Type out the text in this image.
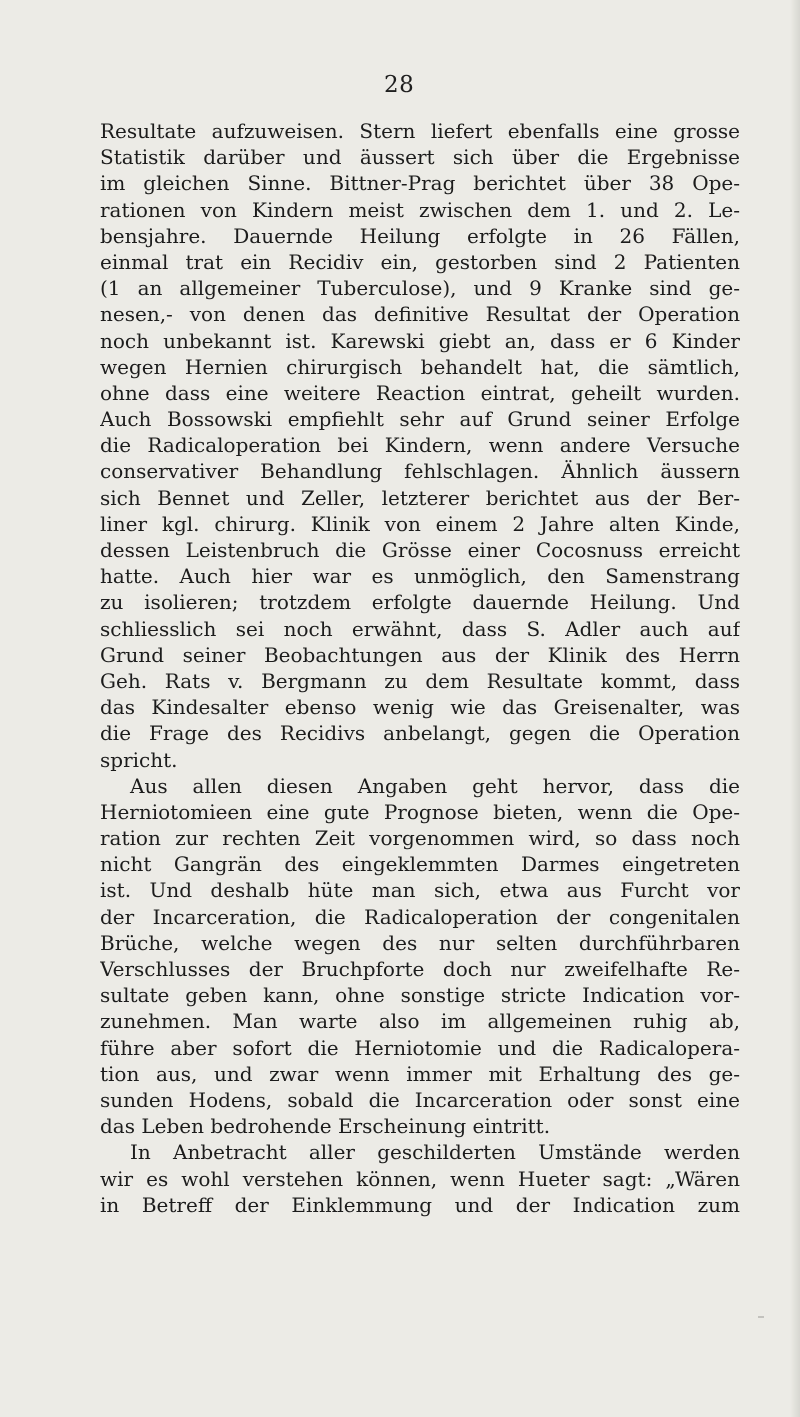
28
Resultate aufzuweisen. Stern liefert ebenfalls eine grosse
Statistik darüber und äussert sich über die Ergebnisse
im gleichen Sinne. Bittner-Prag berichtet über 38 Ope-
rationen von Kindern meist zwischen dem 1. und 2. Le-
bensjahre. Dauernde Heilung erfolgte in 26 Fällen,
einmal trat ein Recidiv ein, gestorben sind 2 Patienten
(1 an allgemeiner Tuberculose), und 9 Kranke sind ge-
nesen,- von denen das definitive Resultat der Operation
noch unbekannt ist. Karewski giebt an, dass er 6 Kinder
wegen Hernien chirurgisch behandelt hat, die sämtlich,
ohne dass eine weitere Reaction eintrat, geheilt wurden.
Auch Bossowski empfiehlt sehr auf Grund seiner Erfolge
die Radicaloperation bei Kindern, wenn andere Versuche
conservativer Behandlung fehlschlagen. Ähnlich äussern
sich Bennet und Zeller, letzterer berichtet aus der Ber-
liner kgl. chirurg. Klinik von einem 2 Jahre alten Kinde,
dessen Leistenbruch die Grösse einer Cocosnuss erreicht
hatte. Auch hier war es unmöglich, den Samenstrang
zu isolieren; trotzdem erfolgte dauernde Heilung. Und
schliesslich sei noch erwähnt, dass S. Adler auch auf
Grund seiner Beobachtungen aus der Klinik des Herrn
Geh. Rats v. Bergmann zu dem Resultate kommt, dass
das Kindesalter ebenso wenig wie das Greisenalter, was
die Frage des Recidivs anbelangt, gegen die Operation
spricht.
Aus allen diesen Angaben geht hervor, dass die
Herniotomieen eine gute Prognose bieten, wenn die Ope-
ration zur rechten Zeit vorgenommen wird, so dass noch
nicht Gangrän des eingeklemmten Darmes eingetreten
ist. Und deshalb hüte man sich, etwa aus Furcht vor
der Incarceration, die Radicaloperation der congenitalen
Brüche, welche wegen des nur selten durchführbaren
Verschlusses der Bruchpforte doch nur zweifelhafte Re-
sultate geben kann, ohne sonstige stricte Indication vor-
zunehmen. Man warte also im allgemeinen ruhig ab,
führe aber sofort die Herniotomie und die Radicalopera-
tion aus, und zwar wenn immer mit Erhaltung des ge-
sunden Hodens, sobald die Incarceration oder sonst eine
das Leben bedrohende Erscheinung eintritt.
In Anbetracht aller geschilderten Umstände werden
wir es wohl verstehen können, wenn Hueter sagt: „Wären
in Betreff der Einklemmung und der Indication zum
